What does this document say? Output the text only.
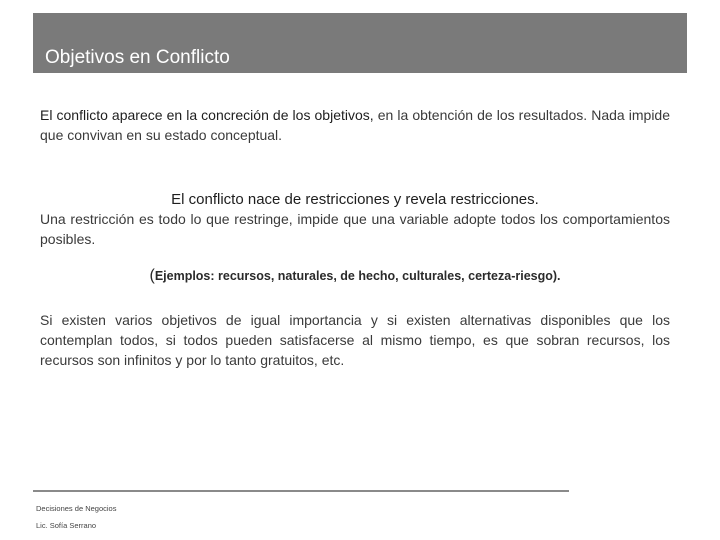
Objetivos en Conflicto
El conflicto aparece en la concreción de los objetivos, en la obtención de los resultados. Nada impide que convivan en su estado conceptual.
El conflicto nace de restricciones y revela restricciones.
Una restricción es todo lo que restringe, impide que una variable adopte todos los comportamientos posibles.
(Ejemplos: recursos, naturales, de hecho, culturales, certeza-riesgo).
Si existen varios objetivos de igual importancia y si existen alternativas disponibles que los contemplan todos, si todos pueden satisfacerse al mismo tiempo, es que sobran recursos, los recursos son infinitos y por lo tanto gratuitos, etc.
Decisiones de Negocios
Lic. Sofía Serrano
